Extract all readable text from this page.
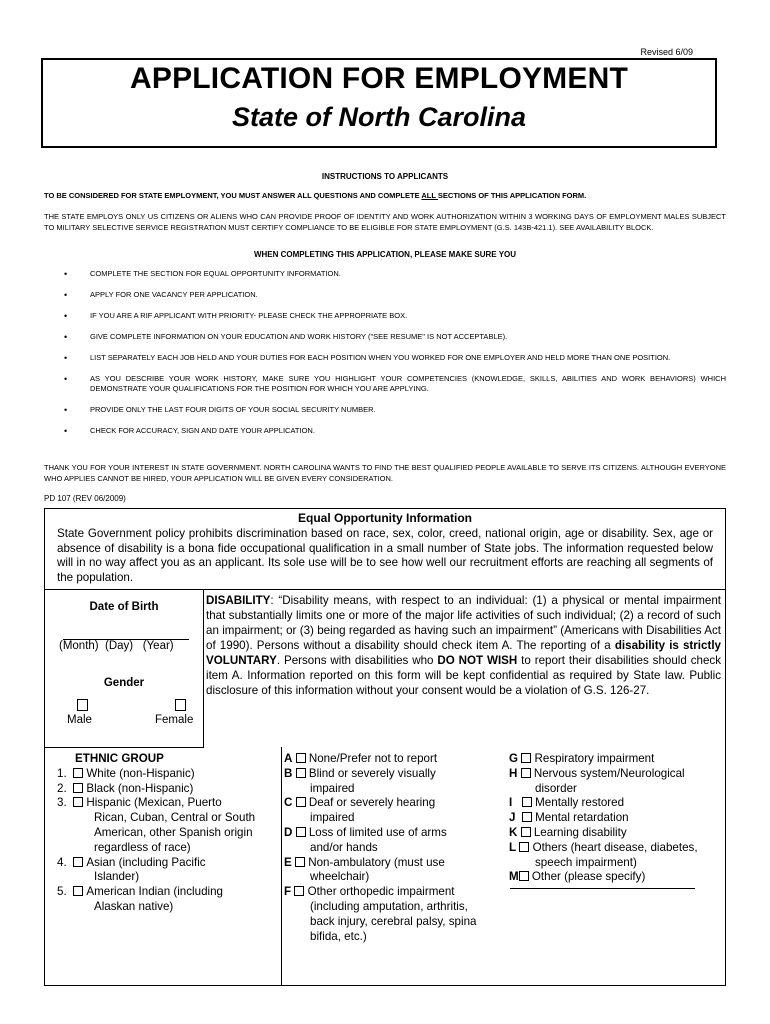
Revised 6/09
APPLICATION FOR EMPLOYMENT
State of North Carolina
INSTRUCTIONS TO APPLICANTS
TO BE CONSIDERED FOR STATE EMPLOYMENT, YOU MUST ANSWER ALL QUESTIONS AND COMPLETE ALL SECTIONS OF THIS APPLICATION FORM.
THE STATE EMPLOYS ONLY US CITIZENS OR ALIENS WHO CAN PROVIDE PROOF OF IDENTITY AND WORK AUTHORIZATION WITHIN 3 WORKING DAYS OF EMPLOYMENT MALES SUBJECT TO MILITARY SELECTIVE SERVICE REGISTRATION MUST CERTIFY COMPLIANCE TO BE ELIGIBLE FOR STATE EMPLOYMENT (G.S. 143B-421.1). SEE AVAILABILITY BLOCK.
WHEN COMPLETING THIS APPLICATION, PLEASE MAKE SURE YOU
•	COMPLETE THE SECTION FOR EQUAL OPPORTUNITY INFORMATION.
•	APPLY FOR ONE VACANCY PER APPLICATION.
•	IF YOU ARE A RIF APPLICANT WITH PRIORITY- PLEASE CHECK THE APPROPRIATE BOX.
•	GIVE COMPLETE INFORMATION ON YOUR EDUCATION AND WORK HISTORY ("SEE RESUME" IS NOT ACCEPTABLE).
•	LIST SEPARATELY EACH JOB HELD AND YOUR DUTIES FOR EACH POSITION WHEN YOU WORKED FOR ONE EMPLOYER AND HELD MORE THAN ONE POSITION.
•	AS YOU DESCRIBE YOUR WORK HISTORY, MAKE SURE YOU HIGHLIGHT YOUR COMPETENCIES (KNOWLEDGE, SKILLS, ABILITIES AND WORK BEHAVIORS) WHICH DEMONSTRATE YOUR QUALIFICATIONS FOR THE POSITION FOR WHICH YOU ARE APPLYING.
•	PROVIDE ONLY THE LAST FOUR DIGITS OF YOUR SOCIAL SECURITY NUMBER.
•	CHECK FOR ACCURACY, SIGN AND DATE YOUR APPLICATION.
THANK YOU FOR YOUR INTEREST IN STATE GOVERNMENT. NORTH CAROLINA WANTS TO FIND THE BEST QUALIFIED PEOPLE AVAILABLE TO SERVE ITS CITIZENS. ALTHOUGH EVERYONE WHO APPLIES CANNOT BE HIRED, YOUR APPLICATION WILL BE GIVEN EVERY CONSIDERATION.
PD 107 (REV 06/2009)
Equal Opportunity Information
State Government policy prohibits discrimination based on race, sex, color, creed, national origin, age or disability. Sex, age or absence of disability is a bona fide occupational qualification in a small number of State jobs. The information requested below will in no way affect you as an applicant. Its sole use will be to see how well our recruitment efforts are reaching all segments of the population.
Date of Birth
(Month) (Day) (Year)
Gender
Male	Female
DISABILITY: “Disability means, with respect to an individual: (1) a physical or mental impairment that substantially limits one or more of the major life activities of such individual; (2) a record of such an impairment; or (3) being regarded as having such an impairment” (Americans with Disabilities Act of 1990). Persons without a disability should check item A. The reporting of a disability is strictly VOLUNTARY. Persons with disabilities who DO NOT WISH to report their disabilities should check item A. Information reported on this form will be kept confidential as required by State law. Public disclosure of this information without your consent would be a violation of G.S. 126-27.
ETHNIC GROUP
1. White (non-Hispanic)
2. Black (non-Hispanic)
3. Hispanic (Mexican, Puerto
Rican, Cuban, Central or South
American, other Spanish origin
regardless of race)
4. Asian (including Pacific
Islander)
5. American Indian (including
Alaskan native)
A None/Prefer not to report
B Blind or severely visually
impaired
C Deaf or severely hearing
impaired
D Loss of limited use of arms
and/or hands
E Non-ambulatory (must use
wheelchair)
F Other orthopedic impairment
(including amputation, arthritis,
back injury, cerebral palsy, spina
bifida, etc.)
G Respiratory impairment
H Nervous system/Neurological
disorder
I Mentally restored
J Mental retardation
K Learning disability
L Others (heart disease, diabetes,
speech impairment)
M Other (please specify)
